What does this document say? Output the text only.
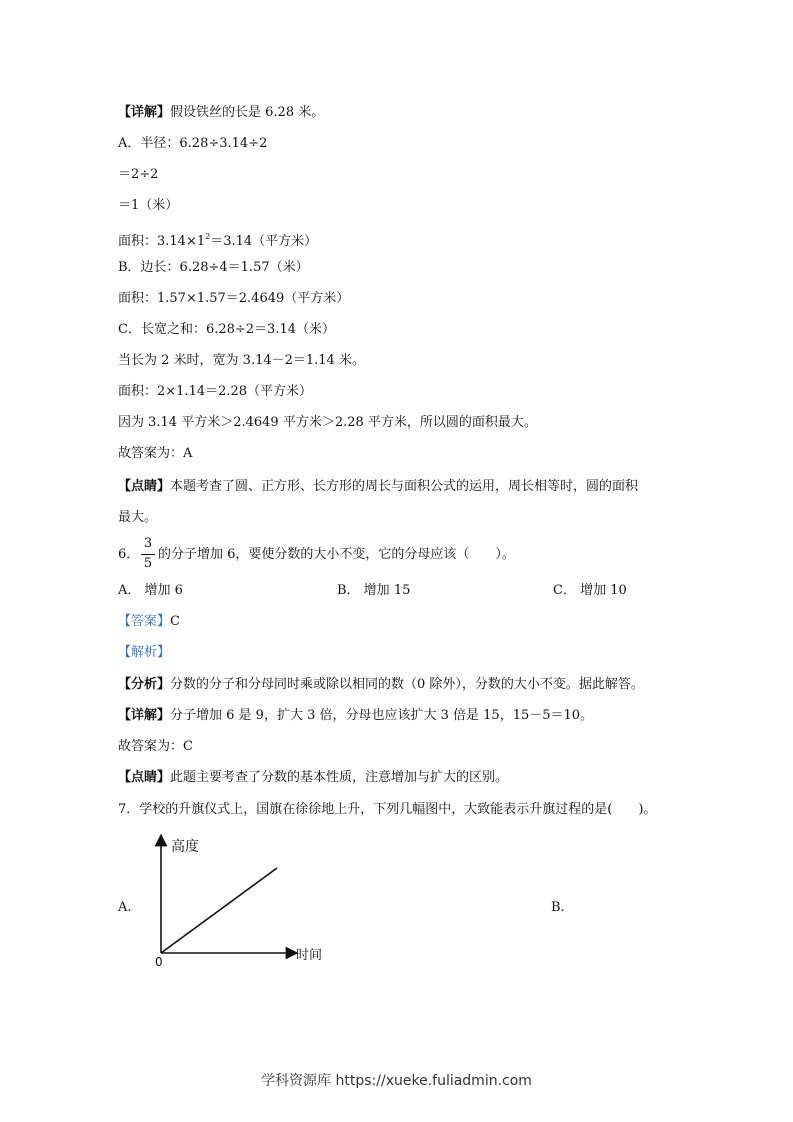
【详解】假设铁丝的长是 6.28 米。
A．半径：6.28÷3.14÷2
＝2÷2
＝1（米）
面积：$3.14\times 1^2=3.14$（平方米）
B．边长：6.28÷4＝1.57（米）
面积：1.57×1.57＝2.4649（平方米）
C．长宽之和：6.28÷2＝3.14（米）
当长为 2 米时，宽为 3.14－2＝1.14 米。
面积：2×1.14＝2.28（平方米）
因为 3.14 平方米＞2.4649 平方米＞2.28 平方米，所以圆的面积最大。
故答案为：A
【点睛】本题考查了圆、正方形、长方形的周长与面积公式的运用，周长相等时，圆的面积
最大。
6．
3
5
的分子增加 6，要使分数的大小不变，它的分母应该（　　）。
A． 增加 6	B． 增加 15	C． 增加 10
【答案】C
【解析】
【分析】分数的分子和分母同时乘或除以相同的数（0 除外），分数的大小不变。据此解答。
【详解】分子增加 6 是 9，扩大 3 倍，分母也应该扩大 3 倍是 15，15－5＝10。
故答案为：C
【点睛】此题主要考查了分数的基本性质，注意增加与扩大的区别。
7．学校的升旗仪式上，国旗在徐徐地上升，下列几幅图中，大致能表示升旗过程的是(　　)。
A.	B.
高度
时间
0
学科资源库 https://xueke.fuliadmin.com
